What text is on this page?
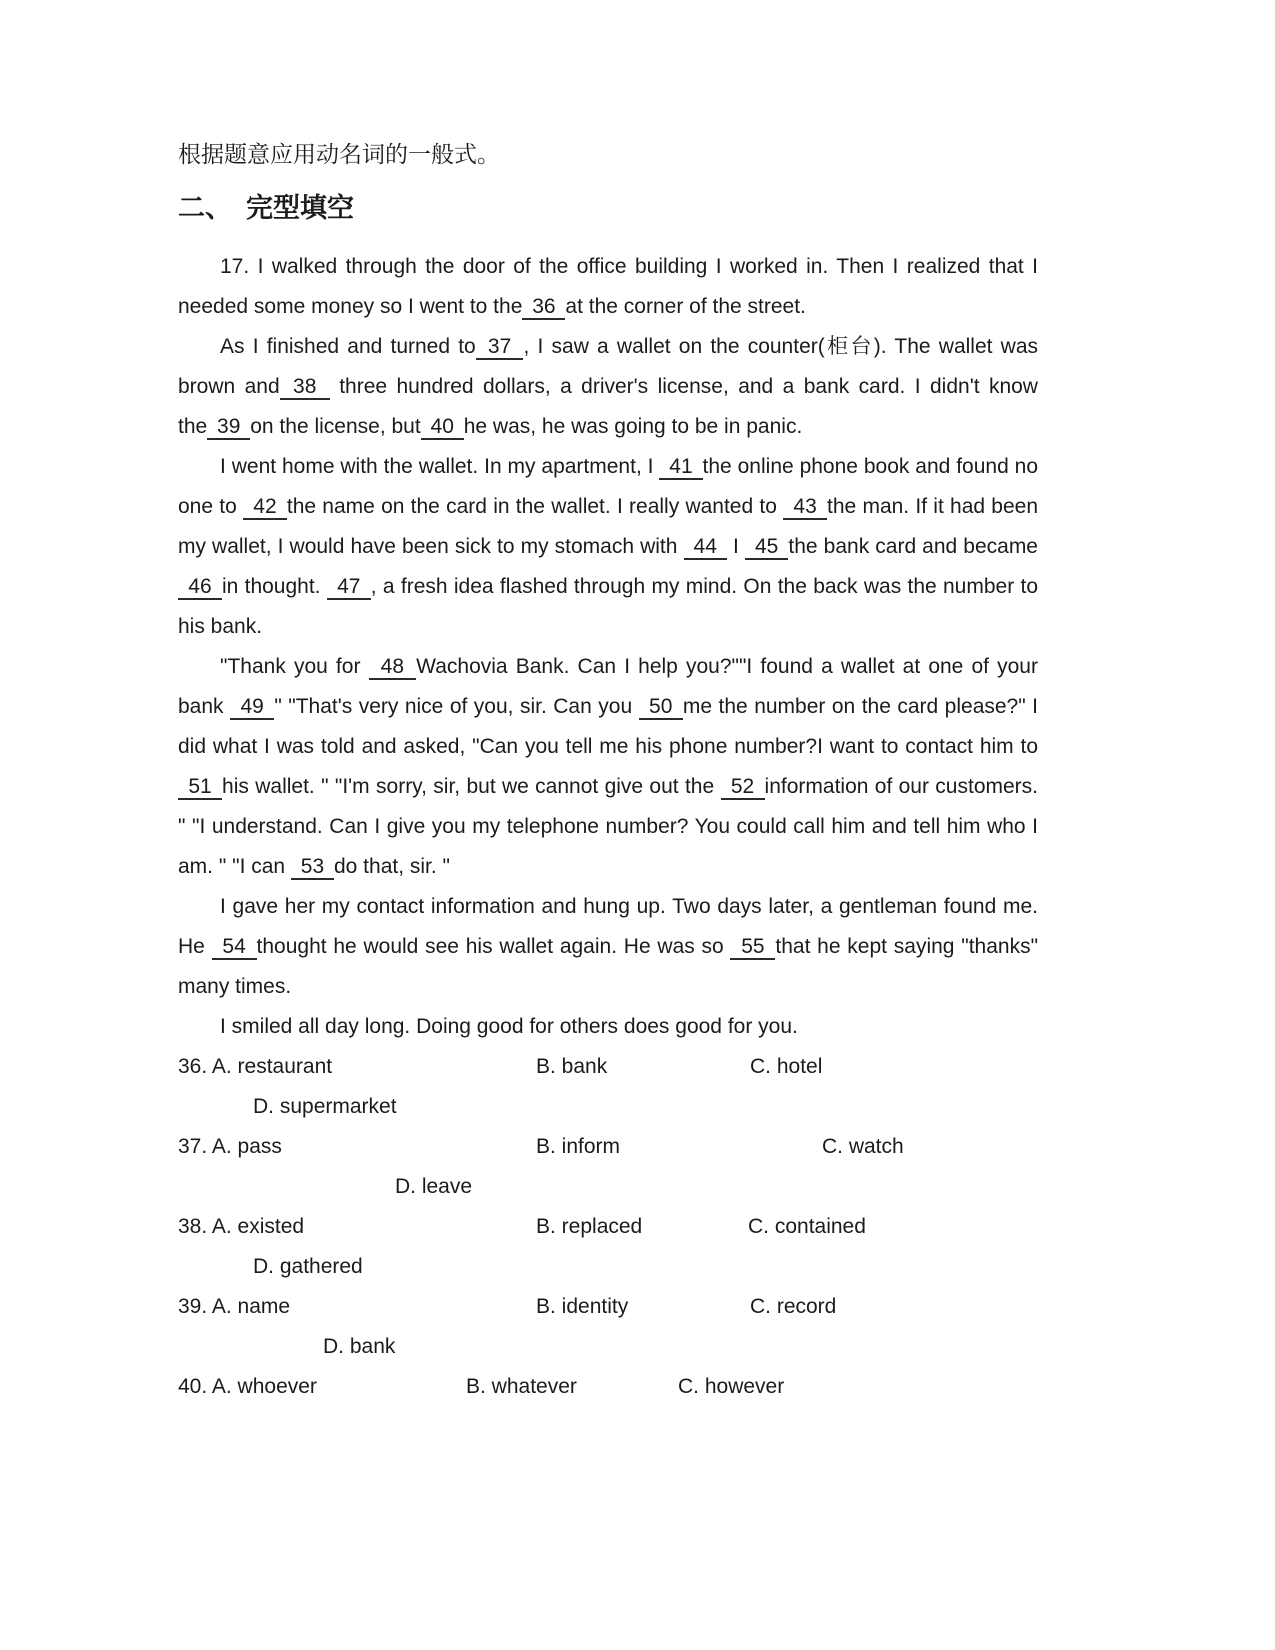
根据题意应用动名词的一般式。
二、 完型填空

17. I walked through the door of the office building I worked in. Then I realized that I needed some money so I went to the 36 at the corner of the street.

As I finished and turned to 37 , I saw a wallet on the counter(柜台). The wallet was brown and 38  three hundred dollars, a driver's license, and a bank card. I didn't know the 39 on the license, but 40 he was, he was going to be in panic.

I went home with the wallet. In my apartment, I  41 the online phone book and found no one to  42 the name on the card in the wallet. I really wanted to  43 the man. If it had been my wallet, I would have been sick to my stomach with  44  I  45 the bank card and became  46 in thought.  47 , a fresh idea flashed through my mind. On the back was the number to his bank.

"Thank you for  48 Wachovia Bank. Can I help you?""I found a wallet at one of your bank  49 " "That's very nice of you, sir. Can you  50 me the number on the card please?" I did what I was told and asked, "Can you tell me his phone number?I want to contact him to  51 his wallet. " "I'm sorry, sir, but we cannot give out the  52 information of our customers. " "I understand. Can I give you my telephone number? You could call him and tell him who I am. " "I can  53 do that, sir. "

I gave her my contact information and hung up. Two days later, a gentleman found me. He  54 thought he would see his wallet again. He was so  55 that he kept saying "thanks" many times.

I smiled all day long. Doing good for others does good for you.

36. A. restaurant	B. bank	C. hotel
D. supermarket
37. A. pass	B. inform	C. watch
D. leave
38. A. existed	B. replaced	C. contained
D. gathered
39. A. name	B. identity	C. record
D. bank
40. A. whoever	B. whatever	C. however
